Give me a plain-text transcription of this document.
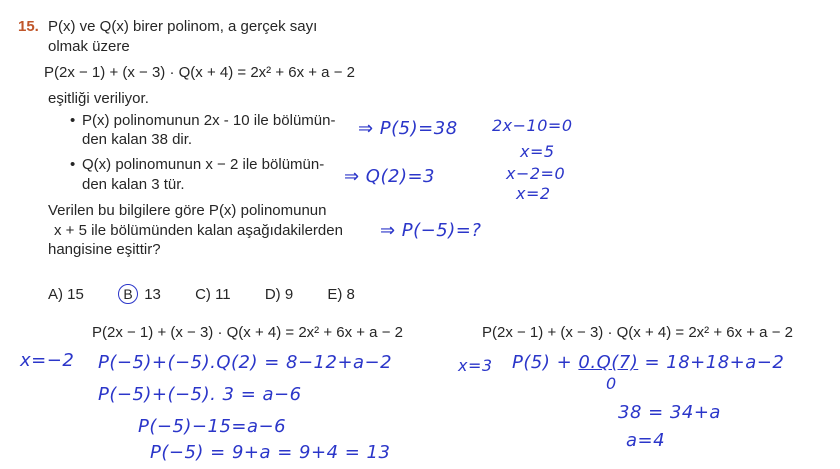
15. P(x) ve Q(x) birer polinom, a gerçek sayı
olmak üzere
P(2x − 1) + (x − 3) · Q(x + 4) = 2x² + 6x + a − 2
eşitliği veriliyor.
• P(x) polinomunun 2x - 10 ile bölümün-
den kalan 38 dir.
• Q(x) polinomunun x − 2 ile bölümün-
den kalan 3 tür.
Verilen bu bilgilere göre P(x) polinomunun
x + 5 ile bölümünden kalan aşağıdakilerden
hangisine eşittir?
A) 15	B 13 C) 11 D) 9 E) 8
⇒ P(5)=38 2x−10=0
x=5
⇒ Q(2)=3	x−2=0
x=2
⇒ P(−5)=?
P(2x − 1) + (x − 3) · Q(x + 4) = 2x² + 6x + a − 2	P(2x − 1) + (x − 3) · Q(x + 4) = 2x² + 6x + a − 2
x=−2 P(−5)+(−5).Q(2) = 8−12+a−2
P(−5)+(−5). 3 = a−6
P(−5)−15=a−6
P(−5) = 9+a = 9+4 = 13
x=3 P(5) + 0.Q(7) = 18+18+a−2
0
38 = 34+a
a=4
